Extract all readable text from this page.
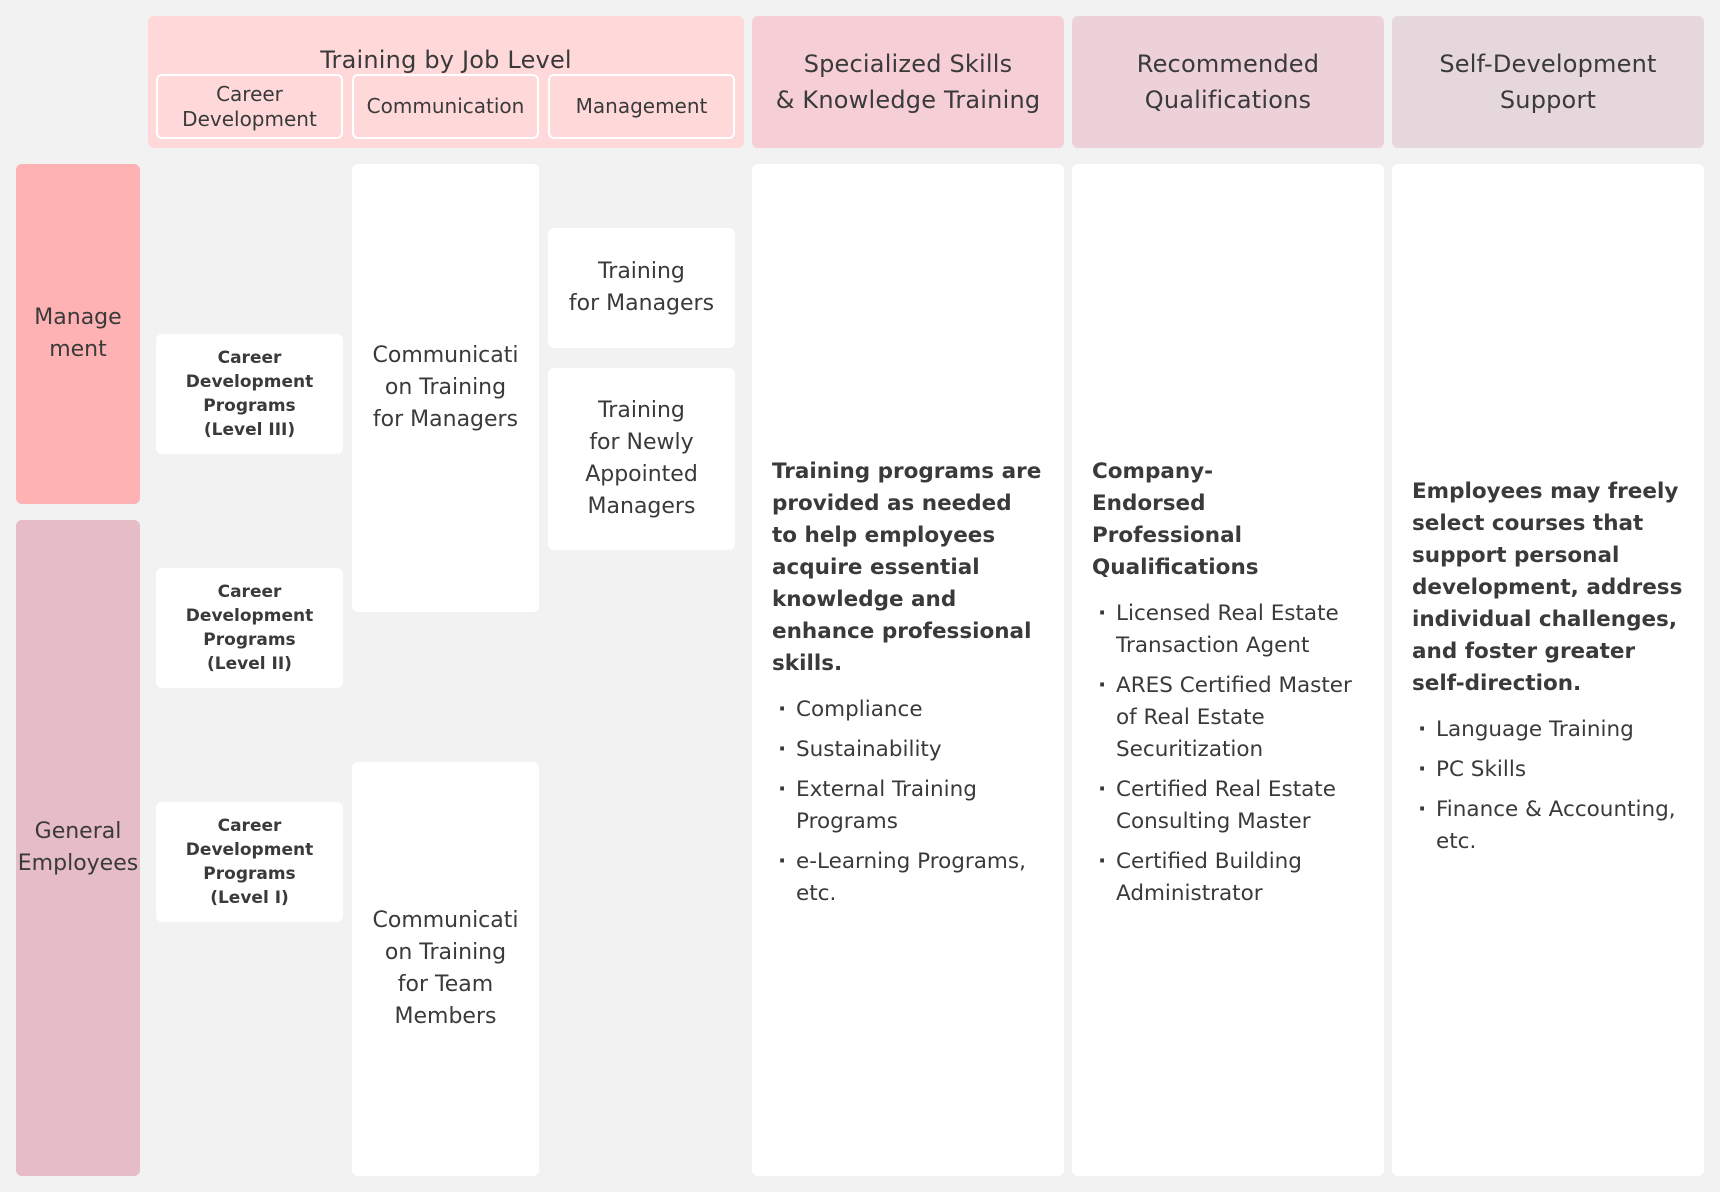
Training by Job Level
Career
Development
Communication	Management
Specialized Skills
& Knowledge Training
Recommended
Qualifications
Self-Development
Support
Manage
ment
General
Employees
Career
Development
Programs
(Level III)
Career
Development
Programs
(Level II)
Career
Development
Programs
(Level I)
Communicati
on Training
for Managers
Communicati
on Training
for Team
Members
Training
for Managers
Training
for Newly
Appointed
Managers

Training programs are provided as needed to help employees acquire essential knowledge and enhance professional skills.

· Compliance
· Sustainability
· External Training Programs
· e-Learning Programs, etc.

Company-Endorsed Professional Qualifications

· Licensed Real Estate Transaction Agent
· ARES Certified Master of Real Estate Securitization
· Certified Real Estate Consulting Master
· Certified Building Administrator

Employees may freely select courses that support personal development, address individual challenges, and foster greater self-direction.

· Language Training
· PC Skills
· Finance & Accounting, etc.
